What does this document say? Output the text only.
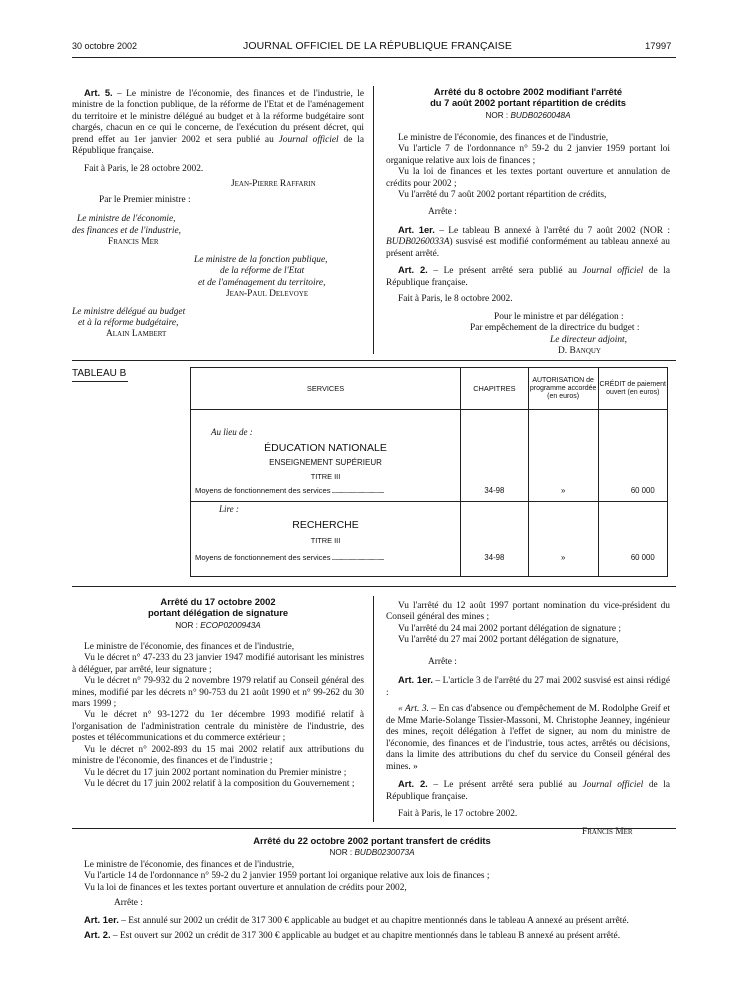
30 octobre 2002	JOURNAL OFFICIEL DE LA RÉPUBLIQUE FRANÇAISE	17997

Art. 5. – Le ministre de l'économie, des finances et de l'industrie, le ministre de la fonction publique, de la réforme de l'Etat et de l'aménagement du territoire et le ministre délégué au budget et à la réforme budgétaire sont chargés, chacun en ce qui le concerne, de l'exécution du présent décret, qui prend effet au 1er janvier 2002 et sera publié au Journal officiel de la République française.

Fait à Paris, le 28 octobre 2002.

Jean-Pierre Raffarin

Par le Premier ministre :

Le ministre de l'économie,

des finances et de l'industrie,

Francis Mer

Le ministre de la fonction publique,

de la réforme de l'Etat

et de l'aménagement du territoire,

Jean-Paul Delevoye

Le ministre délégué au budget

et à la réforme budgétaire,

Alain Lambert

Arrêté du 8 octobre 2002 modifiant l'arrêté
du 7 août 2002 portant répartition de crédits
NOR : BUDB0260048A

Le ministre de l'économie, des finances et de l'industrie,

Vu l'article 7 de l'ordonnance n° 59-2 du 2 janvier 1959 portant loi organique relative aux lois de finances ;

Vu la loi de finances et les textes portant ouverture et annulation de crédits pour 2002 ;

Vu l'arrêté du 7 août 2002 portant répartition de crédits,

Arrête :

Art. 1er. – Le tableau B annexé à l'arrêté du 7 août 2002 (NOR : BUDB0260033A) susvisé est modifié conformément au tableau annexé au présent arrêté.

Art. 2. – Le présent arrêté sera publié au Journal officiel de la République française.

Fait à Paris, le 8 octobre 2002.

Pour le ministre et par délégation :

Par empêchement de la directrice du budget :

Le directeur adjoint,

D. Banquy

TABLEAU B
SERVICES	CHAPITRES	AUTORISATION de programme accordée (en euros)	CRÉDIT de paiement ouvert (en euros)

Au lieu de :
ÉDUCATION NATIONALE
ENSEIGNEMENT SUPÉRIEUR
TITRE III
Moyens de fonctionnement des services ...............................................	34-98	»	60 000

Lire :
RECHERCHE
TITRE III
Moyens de fonctionnement des services ...............................................	34-98	»	60 000
Arrêté du 17 octobre 2002
portant délégation de signature
NOR : ECOP0200943A

Le ministre de l'économie, des finances et de l'industrie,

Vu le décret n° 47-233 du 23 janvier 1947 modifié autorisant les ministres à déléguer, par arrêté, leur signature ;

Vu le décret n° 79-932 du 2 novembre 1979 relatif au Conseil général des mines, modifié par les décrets n° 90-753 du 21 août 1990 et n° 99-262 du 30 mars 1999 ;

Vu le décret n° 93-1272 du 1er décembre 1993 modifié relatif à l'organisation de l'administration centrale du ministère de l'industrie, des postes et télécommunications et du commerce extérieur ;

Vu le décret n° 2002-893 du 15 mai 2002 relatif aux attributions du ministre de l'économie, des finances et de l'industrie ;

Vu le décret du 17 juin 2002 portant nomination du Premier ministre ;

Vu le décret du 17 juin 2002 relatif à la composition du Gouvernement ;

Vu l'arrêté du 12 août 1997 portant nomination du vice-président du Conseil général des mines ;

Vu l'arrêté du 24 mai 2002 portant délégation de signature ;

Vu l'arrêté du 27 mai 2002 portant délégation de signature,

Arrête :

Art. 1er. – L'article 3 de l'arrêté du 27 mai 2002 susvisé est ainsi rédigé :

« Art. 3. – En cas d'absence ou d'empêchement de M. Rodolphe Greif et de Mme Marie-Solange Tissier-Massoni, M. Christophe Jeanney, ingénieur des mines, reçoit délégation à l'effet de signer, au nom du ministre de l'économie, des finances et de l'industrie, tous actes, arrêtés ou décisions, dans la limite des attributions du chef du service du Conseil général des mines. »

Art. 2. – Le présent arrêté sera publié au Journal officiel de la République française.

Fait à Paris, le 17 octobre 2002.

Francis Mer

Arrêté du 22 octobre 2002 portant transfert de crédits
NOR : BUDB0230073A

Le ministre de l'économie, des finances et de l'industrie,

Vu l'article 14 de l'ordonnance n° 59-2 du 2 janvier 1959 portant loi organique relative aux lois de finances ;

Vu la loi de finances et les textes portant ouverture et annulation de crédits pour 2002,

Arrête :

Art. 1er. – Est annulé sur 2002 un crédit de 317 300 € applicable au budget et au chapitre mentionnés dans le tableau A annexé au présent arrêté.

Art. 2. – Est ouvert sur 2002 un crédit de 317 300 € applicable au budget et au chapitre mentionnés dans le tableau B annexé au présent arrêté.
